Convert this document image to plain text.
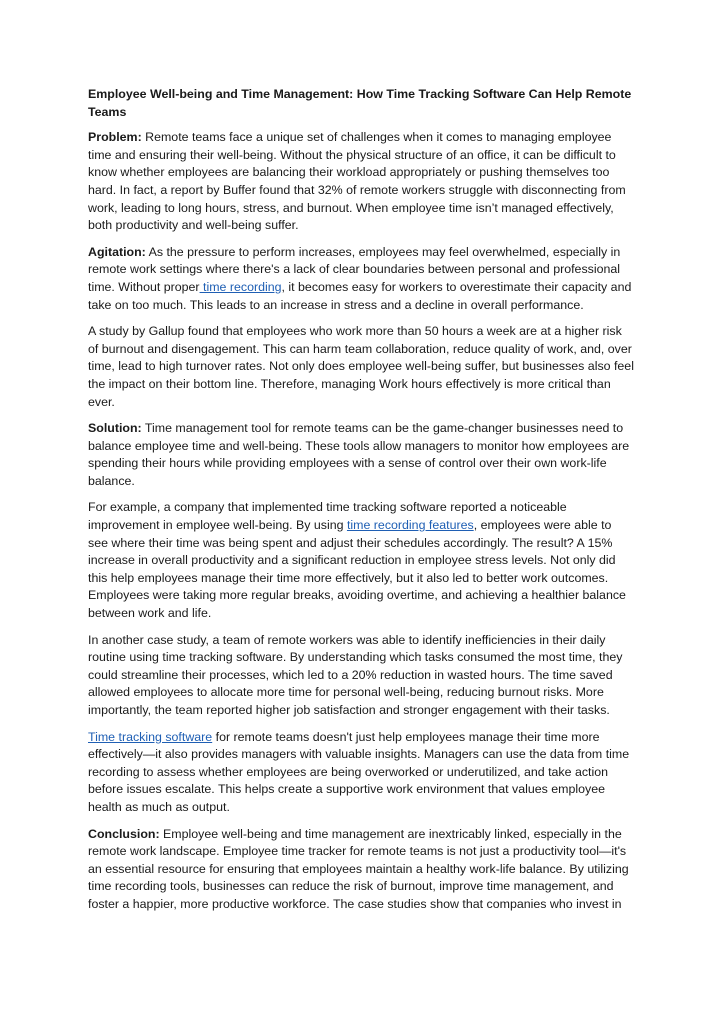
Employee Well-being and Time Management: How Time Tracking Software Can Help Remote Teams

Problem: Remote teams face a unique set of challenges when it comes to managing employee time and ensuring their well-being. Without the physical structure of an office, it can be difficult to know whether employees are balancing their workload appropriately or pushing themselves too hard. In fact, a report by Buffer found that 32% of remote workers struggle with disconnecting from work, leading to long hours, stress, and burnout. When employee time isn’t managed effectively, both productivity and well-being suffer.

Agitation: As the pressure to perform increases, employees may feel overwhelmed, especially in remote work settings where there's a lack of clear boundaries between personal and professional time. Without proper time recording, it becomes easy for workers to overestimate their capacity and take on too much. This leads to an increase in stress and a decline in overall performance.

A study by Gallup found that employees who work more than 50 hours a week are at a higher risk of burnout and disengagement. This can harm team collaboration, reduce quality of work, and, over time, lead to high turnover rates. Not only does employee well-being suffer, but businesses also feel the impact on their bottom line. Therefore, managing Work hours effectively is more critical than ever.

Solution: Time management tool for remote teams can be the game-changer businesses need to balance employee time and well-being. These tools allow managers to monitor how employees are spending their hours while providing employees with a sense of control over their own work-life balance.

For example, a company that implemented time tracking software reported a noticeable improvement in employee well-being. By using time recording features, employees were able to see where their time was being spent and adjust their schedules accordingly. The result? A 15% increase in overall productivity and a significant reduction in employee stress levels. Not only did this help employees manage their time more effectively, but it also led to better work outcomes. Employees were taking more regular breaks, avoiding overtime, and achieving a healthier balance between work and life.

In another case study, a team of remote workers was able to identify inefficiencies in their daily routine using time tracking software. By understanding which tasks consumed the most time, they could streamline their processes, which led to a 20% reduction in wasted hours. The time saved allowed employees to allocate more time for personal well-being, reducing burnout risks. More importantly, the team reported higher job satisfaction and stronger engagement with their tasks.

Time tracking software for remote teams doesn't just help employees manage their time more effectively—it also provides managers with valuable insights. Managers can use the data from time recording to assess whether employees are being overworked or underutilized, and take action before issues escalate. This helps create a supportive work environment that values employee health as much as output.

Conclusion: Employee well-being and time management are inextricably linked, especially in the remote work landscape. Employee time tracker for remote teams is not just a productivity tool—it's an essential resource for ensuring that employees maintain a healthy work-life balance. By utilizing time recording tools, businesses can reduce the risk of burnout, improve time management, and foster a happier, more productive workforce. The case studies show that companies who invest in
